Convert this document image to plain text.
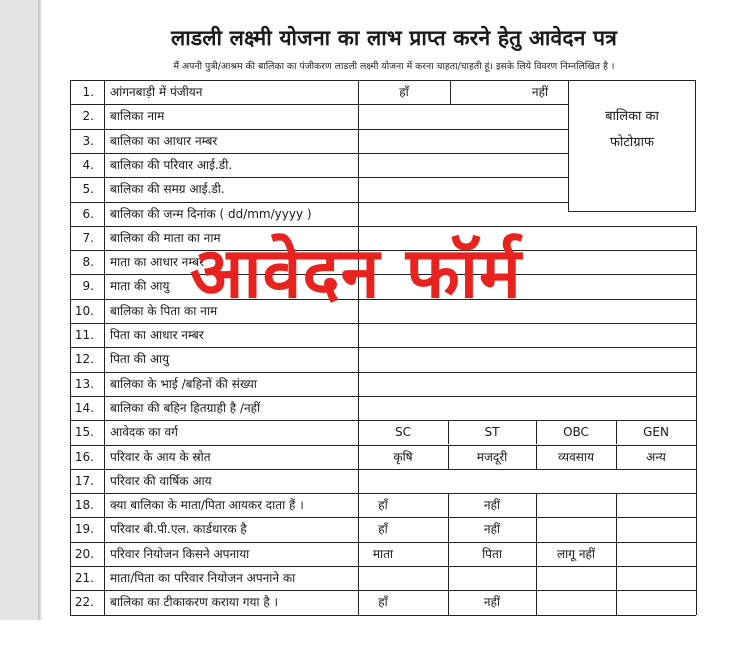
लाडली लक्ष्मी योजना का लाभ प्राप्त करने हेतु आवेदन पत्र
मैं अपनी पुत्री/आश्रम की बालिका का पंजीकरण लाडली लक्ष्मी योजना में करना चाहता/चाहती हूं। इसके लिये विवरण निम्नलिखित है ।
1. आंगनबाड़ी में पंजीयन	हाँ	नहीं
2. बालिका नाम
3. बालिका का आधार नम्बर
4. बालिका की परिवार आई.डी.
5. बालिका की समग्र आई.डी.
6. बालिका की जन्म दिनांक ( dd/mm/yyyy )
7. बालिका की माता का नाम
8. माता का आधार नम्बर
9. माता की आयु
10. बालिका के पिता का नाम
11. पिता का आधार नम्बर
12. पिता की आयु
13. बालिका के भाई /बहिनों की संख्या
14. बालिका की बहिन हितग्राही है /नहीं
15. आवेदक का वर्ग	SC	ST	OBC	GEN
16. परिवार के आय के स्रोत	कृषि	मजदूरी	व्यवसाय	अन्य
17. परिवार की वार्षिक आय
18. क्या बालिका के माता/पिता आयकर दाता हैं ।	हाँ	नहीं
19. परिवार बी.पी.एल. कार्डधारक है	हाँ	नहीं
20. परिवार नियोजन किसने अपनाया	माता	पिता	लागू नहीं
21. माता/पिता का परिवार नियोजन अपनाने का
22. बालिका का टीकाकरण कराया गया है ।	हाँ	नहीं
बालिका का
फोटोग्राफ
आवेदन फॉर्म
